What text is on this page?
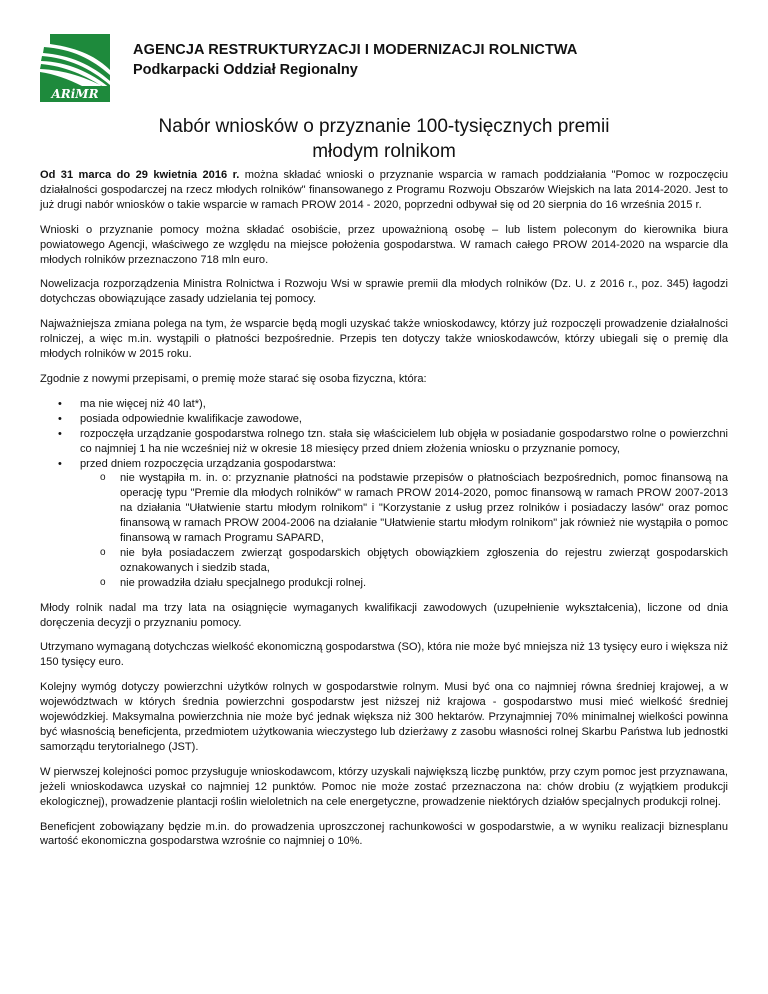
ARiMR
AGENCJA RESTRUKTURYZACJI I MODERNIZACJI ROLNICTWA
Podkarpacki Oddział Regionalny
Nabór wniosków o przyznanie 100-tysięcznych premii
młodym rolnikom

Od 31 marca do 29 kwietnia 2016 r. można składać wnioski o przyznanie wsparcia w ramach poddziałania "Pomoc w rozpoczęciu działalności gospodarczej na rzecz młodych rolników" finansowanego z Programu Rozwoju Obszarów Wiejskich na lata 2014-2020. Jest to już drugi nabór wniosków o takie wsparcie w ramach PROW 2014 - 2020, poprzedni odbywał się od 20 sierpnia do 16 września 2015 r.

Wnioski o przyznanie pomocy można składać osobiście, przez upoważnioną osobę – lub listem poleconym do kierownika biura powiatowego Agencji, właściwego ze względu na miejsce położenia gospodarstwa. W ramach całego PROW 2014-2020 na wsparcie dla młodych rolników przeznaczono 718 mln euro.

Nowelizacja rozporządzenia Ministra Rolnictwa i Rozwoju Wsi w sprawie premii dla młodych rolników (Dz. U. z 2016 r., poz. 345) łagodzi dotychczas obowiązujące zasady udzielania tej pomocy.

Najważniejsza zmiana polega na tym, że wsparcie będą mogli uzyskać także wnioskodawcy, którzy już rozpoczęli prowadzenie działalności rolniczej, a więc m.in. wystąpili o płatności bezpośrednie. Przepis ten dotyczy także wnioskodawców, którzy ubiegali się o premię dla młodych rolników w 2015 roku.

Zgodnie z nowymi przepisami, o premię może starać się osoba fizyczna, która:

• ma nie więcej niż 40 lat*),
• posiada odpowiednie kwalifikacje zawodowe,
• rozpoczęła urządzanie gospodarstwa rolnego tzn. stała się właścicielem lub objęła w posiadanie gospodarstwo rolne o powierzchni co najmniej 1 ha nie wcześniej niż w okresie 18 miesięcy przed dniem złożenia wniosku o przyznanie pomocy,
• przed dniem rozpoczęcia urządzania gospodarstwa:
o nie wystąpiła m. in. o: przyznanie płatności na podstawie przepisów o płatnościach bezpośrednich, pomoc finansową na operację typu "Premie dla młodych rolników" w ramach PROW 2014-2020, pomoc finansową w ramach PROW 2007-2013 na działania "Ułatwienie startu młodym rolnikom" i "Korzystanie z usług przez rolników i posiadaczy lasów" oraz pomoc finansową w ramach PROW 2004-2006 na działanie "Ułatwienie startu młodym rolnikom" jak również nie wystąpiła o pomoc finansową w ramach Programu SAPARD,
o nie była posiadaczem zwierząt gospodarskich objętych obowiązkiem zgłoszenia do rejestru zwierząt gospodarskich oznakowanych i siedzib stada,
o nie prowadziła działu specjalnego produkcji rolnej.

Młody rolnik nadal ma trzy lata na osiągnięcie wymaganych kwalifikacji zawodowych (uzupełnienie wykształcenia), liczone od dnia doręczenia decyzji o przyznaniu pomocy.

Utrzymano wymaganą dotychczas wielkość ekonomiczną gospodarstwa (SO), która nie może być mniejsza niż 13 tysięcy euro i większa niż 150 tysięcy euro.

Kolejny wymóg dotyczy powierzchni użytków rolnych w gospodarstwie rolnym. Musi być ona co najmniej równa średniej krajowej, a w województwach w których średnia powierzchni gospodarstw jest niższej niż krajowa - gospodarstwo musi mieć wielkość średniej wojewódzkiej. Maksymalna powierzchnia nie może być jednak większa niż 300 hektarów. Przynajmniej 70% minimalnej wielkości powinna być własnością beneficjenta, przedmiotem użytkowania wieczystego lub dzierżawy z zasobu własności rolnej Skarbu Państwa lub jednostki samorządu terytorialnego (JST).

W pierwszej kolejności pomoc przysługuje wnioskodawcom, którzy uzyskali największą liczbę punktów, przy czym pomoc jest przyznawana, jeżeli wnioskodawca uzyskał co najmniej 12 punktów. Pomoc nie może zostać przeznaczona na: chów drobiu (z wyjątkiem produkcji ekologicznej), prowadzenie plantacji roślin wieloletnich na cele energetyczne, prowadzenie niektórych działów specjalnych produkcji rolnej.

Beneficjent zobowiązany będzie m.in. do prowadzenia uproszczonej rachunkowości w gospodarstwie, a w wyniku realizacji biznesplanu wartość ekonomiczna gospodarstwa wzrośnie co najmniej o 10%.
